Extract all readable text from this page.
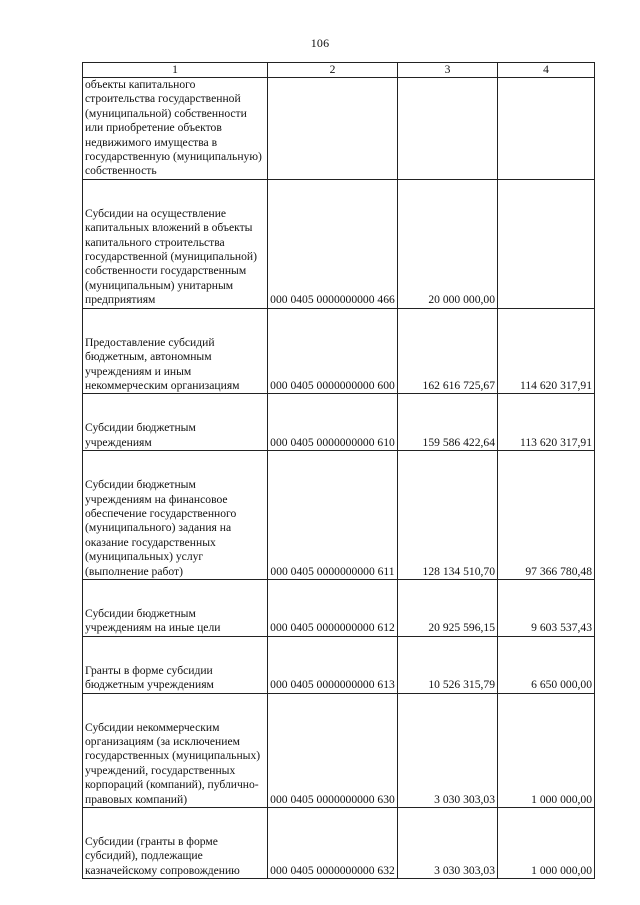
106
1	2	3	4
объекты капитального строительства государственной (муниципальной) собственности или приобретение объектов недвижимого имущества в государственную (муниципальную) собственность			

Субсидии на осуществление капитальных вложений в объекты капитального строительства государственной (муниципальной) собственности государственным (муниципальным) унитарным предприятиям	000 0405 0000000000 466	20 000 000,00	

Предоставление субсидий бюджетным, автономным учреждениям и иным некоммерческим организациям	000 0405 0000000000 600	162 616 725,67	114 620 317,91

Субсидии бюджетным учреждениям	000 0405 0000000000 610	159 586 422,64	113 620 317,91

Субсидии бюджетным учреждениям на финансовое обеспечение государственного (муниципального) задания на оказание государственных (муниципальных) услуг (выполнение работ)	000 0405 0000000000 611	128 134 510,70	97 366 780,48

Субсидии бюджетным учреждениям на иные цели	000 0405 0000000000 612	20 925 596,15	9 603 537,43

Гранты в форме субсидии бюджетным учреждениям	000 0405 0000000000 613	10 526 315,79	6 650 000,00

Субсидии некоммерческим организациям (за исключением государственных (муниципальных) учреждений, государственных корпораций (компаний), публично-правовых компаний)	000 0405 0000000000 630	3 030 303,03	1 000 000,00

Субсидии (гранты в форме субсидий), подлежащие казначейскому сопровождению	000 0405 0000000000 632	3 030 303,03	1 000 000,00
